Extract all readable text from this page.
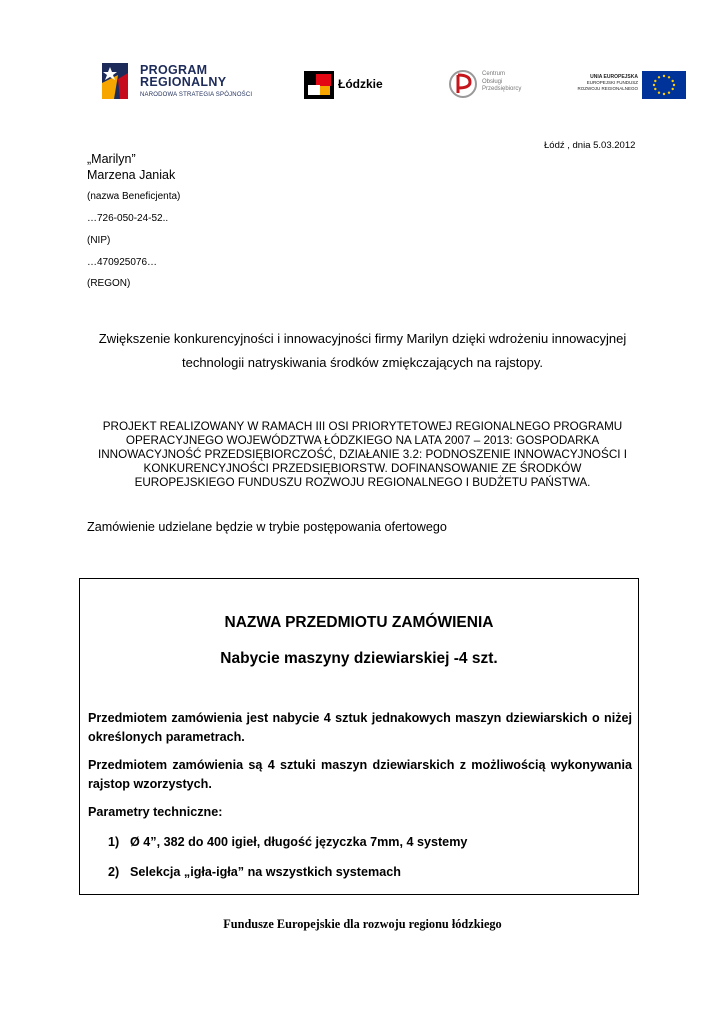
PROGRAM
REGIONALNY
NARODOWA STRATEGIA SPÓJNOŚCI
Łódzkie
Centrum
Obsługi
Przedsiębiorcy
UNIA EUROPEJSKA
EUROPEJSKI FUNDUSZ
ROZWOJU REGIONALNEGO
Łódź , dnia 5.03.2012
„Marilyn”
Marzena Janiak
(nazwa Beneficjenta)
…726-050-24-52..
(NIP)
…470925076…
(REGON)
Zwiększenie konkurencyjności i innowacyjności firmy Marilyn dzięki wdrożeniu innowacyjnej
technologii natryskiwania środków zmiękczających na rajstopy.
PROJEKT REALIZOWANY W RAMACH III OSI PRIORYTETOWEJ REGIONALNEGO PROGRAMU
OPERACYJNEGO WOJEWÓDZTWA ŁÓDZKIEGO NA LATA 2007 – 2013: GOSPODARKA
INNOWACYJNOŚĆ PRZEDSIĘBIORCZOŚĆ, DZIAŁANIE 3.2: PODNOSZENIE INNOWACYJNOŚCI I
KONKURENCYJNOŚCI PRZEDSIĘBIORSTW. DOFINANSOWANIE ZE ŚRODKÓW
EUROPEJSKIEGO FUNDUSZU ROZWOJU REGIONALNEGO I BUDŻETU PAŃSTWA.
Zamówienie udzielane będzie w trybie postępowania ofertowego
NAZWA PRZEDMIOTU ZAMÓWIENIA
Nabycie maszyny dziewiarskiej -4 szt.
Przedmiotem zamówienia jest nabycie 4 sztuk jednakowych maszyn dziewiarskich o niżej określonych parametrach.
Przedmiotem zamówienia są 4 sztuki maszyn dziewiarskich z możliwością wykonywania rajstop wzorzystych.
Parametry techniczne:
1) Ø 4”, 382 do 400 igieł, długość języczka 7mm, 4 systemy
2) Selekcja „igła-igła” na wszystkich systemach
Fundusze Europejskie dla rozwoju regionu łódzkiego
